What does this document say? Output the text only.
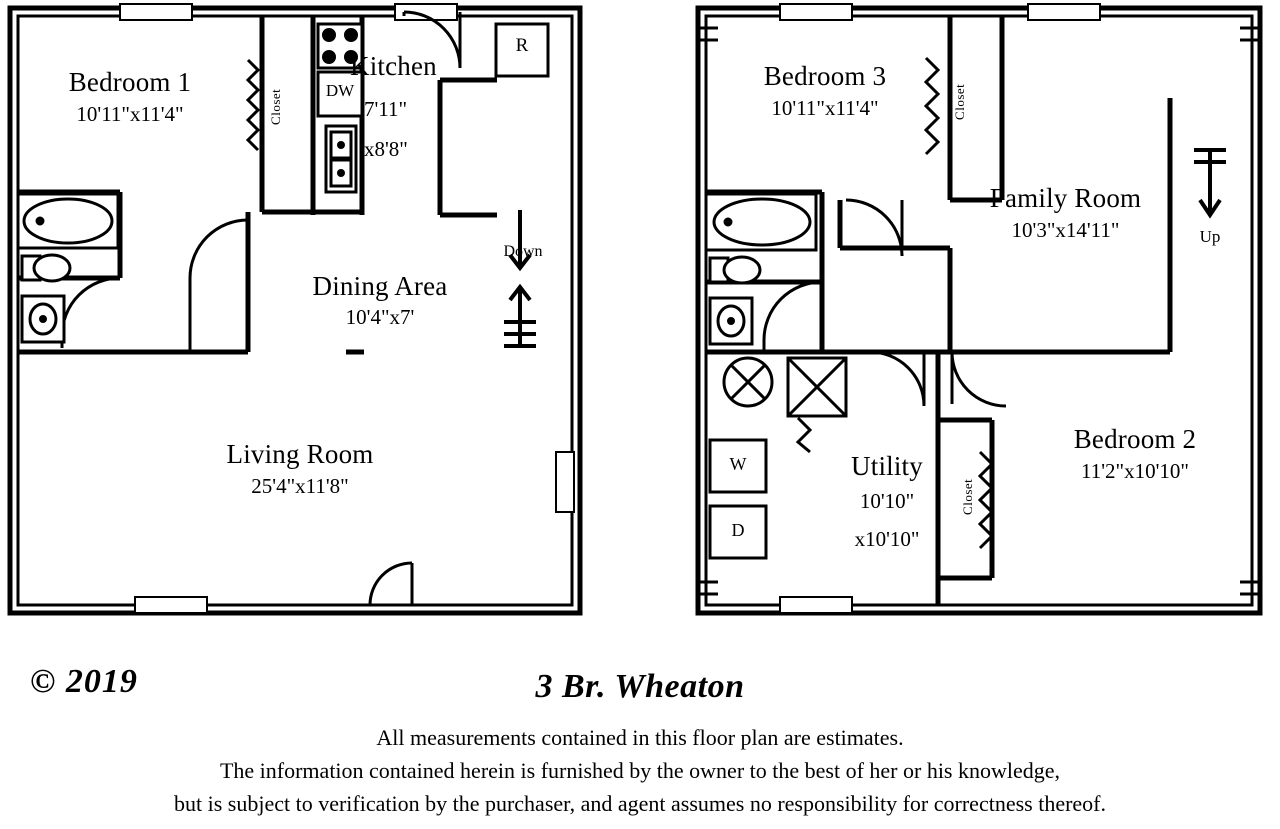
Bedroom 1
10'11"x11'4"	Closet
Kitchen
7'11"
x8'8"
DW
R
Dining Area
10'4"x7'
Down
Living Room
25'4"x11'8"
Bedroom 3
10'11"x11'4"	Closet
Family Room
10'3"x14'11"	Up
Bedroom 2
11'2"x10'10"
Closet
Utility
10'10"
x10'10"
W
D
© 2019	3 Br. Wheaton
All measurements contained in this floor plan are estimates.
The information contained herein is furnished by the owner to the best of her or his knowledge,
but is subject to verification by the purchaser, and agent assumes no responsibility for correctness thereof.
